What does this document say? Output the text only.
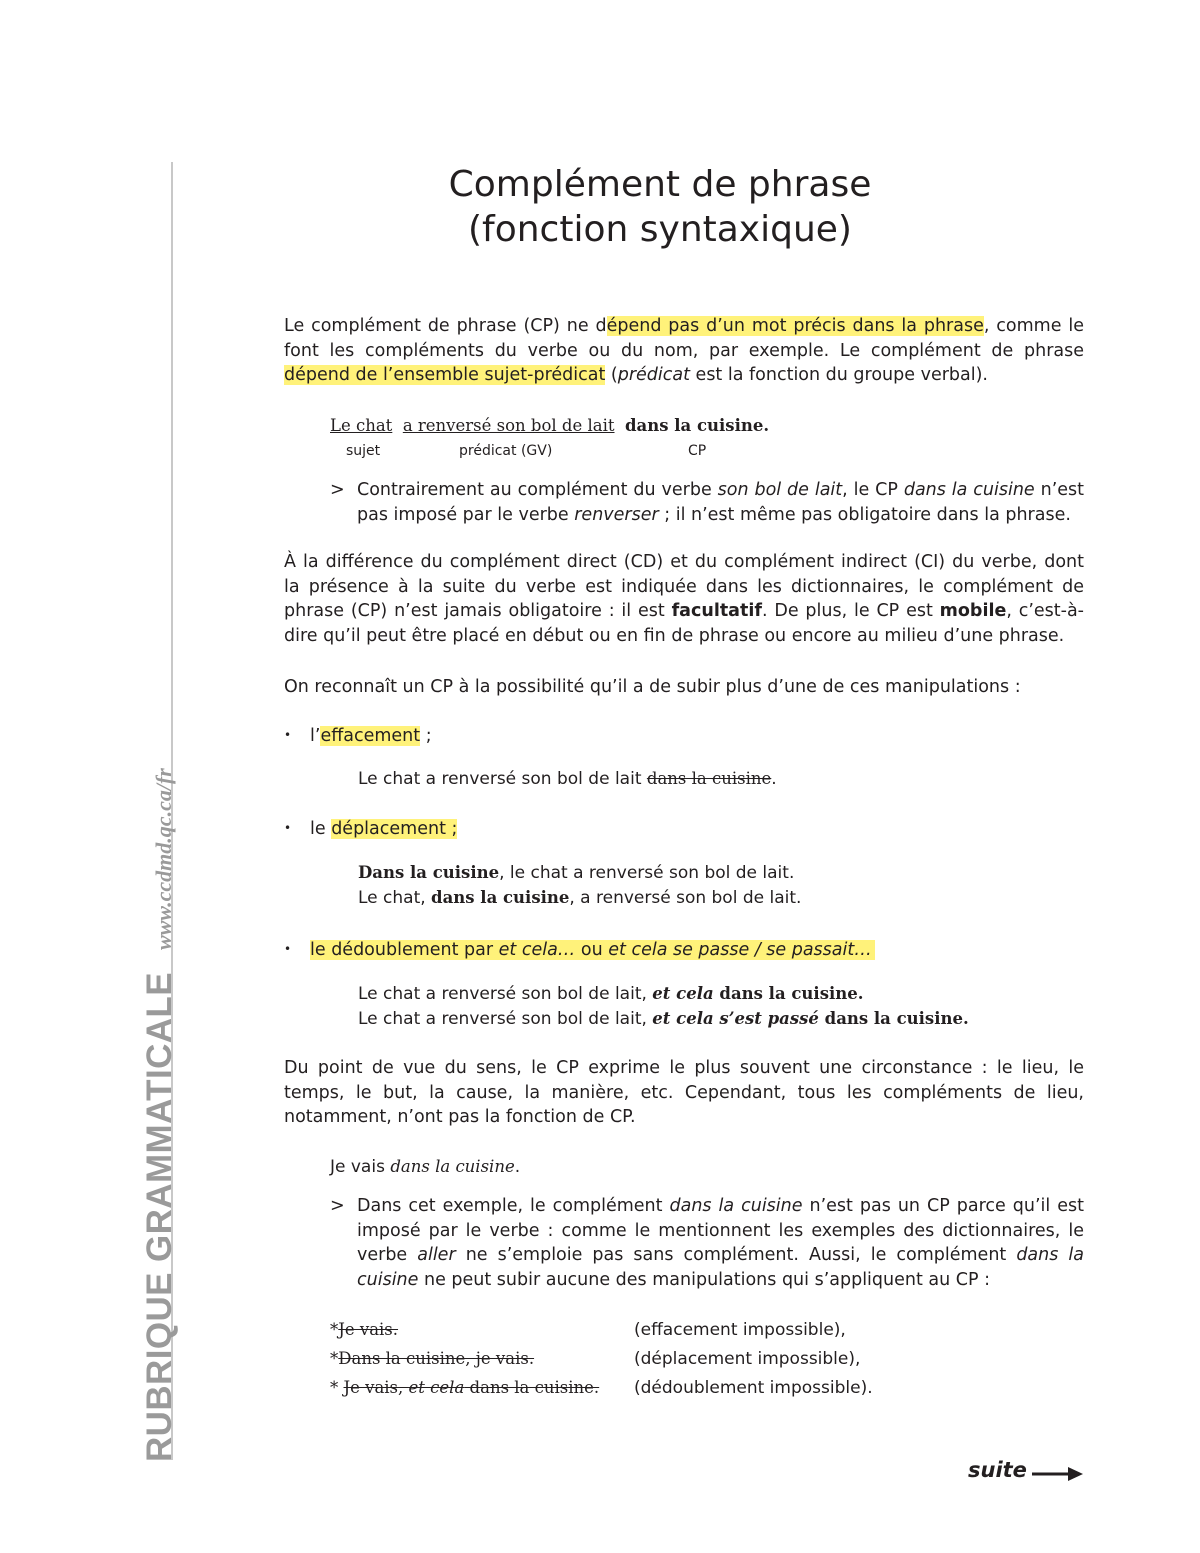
RUBRIQUE GRAMMATICALEwww.ccdmd.qc.ca/fr
Complément de phrase
(fonction syntaxique)
Le complément de phrase (CP) ne dépend pas d’un mot précis dans la phrase, comme le font les compléments du verbe ou du nom, par exemple. Le complément de phrase dépend de l’ensemble sujet-prédicat (prédicat est la fonction du groupe verbal).
Le chat a renversé son bol de lait dans la cuisine.
sujet	prédicat (GV)	CP
> Contrairement au complément du verbe son bol de lait, le CP dans la cuisine n’est pas imposé par le verbe renverser ; il n’est même pas obligatoire dans la phrase.
À la différence du complément direct (CD) et du complément indirect (CI) du verbe, dont la présence à la suite du verbe est indiquée dans les dictionnaires, le complément de phrase (CP) n’est jamais obligatoire : il est facultatif. De plus, le CP est mobile, c’est-à-dire qu’il peut être placé en début ou en fin de phrase ou encore au milieu d’une phrase.
On reconnaît un CP à la possibilité qu’il a de subir plus d’une de ces manipulations :
• l’effacement ;
Le chat a renversé son bol de lait dans la cuisine.
• le déplacement ;
Dans la cuisine, le chat a renversé son bol de lait.
Le chat, dans la cuisine, a renversé son bol de lait.
• le dédoublement par et cela… ou et cela se passe / se passait…
Le chat a renversé son bol de lait, et cela dans la cuisine.
Le chat a renversé son bol de lait, et cela s’est passé dans la cuisine.
Du point de vue du sens, le CP exprime le plus souvent une circonstance : le lieu, le temps, le but, la cause, la manière, etc. Cependant, tous les compléments de lieu, notamment, n’ont pas la fonction de CP.
Je vais dans la cuisine.
> Dans cet exemple, le complément dans la cuisine n’est pas un CP parce qu’il est imposé par le verbe : comme le mentionnent les exemples des dictionnaires, le verbe aller ne s’emploie pas sans complément. Aussi, le complément dans la cuisine ne peut subir aucune des manipulations qui s’appliquent au CP :
*Je vais.	(effacement impossible),
*Dans la cuisine, je vais.	(déplacement impossible),
* Je vais, et cela dans la cuisine. (dédoublement impossible).
suite
